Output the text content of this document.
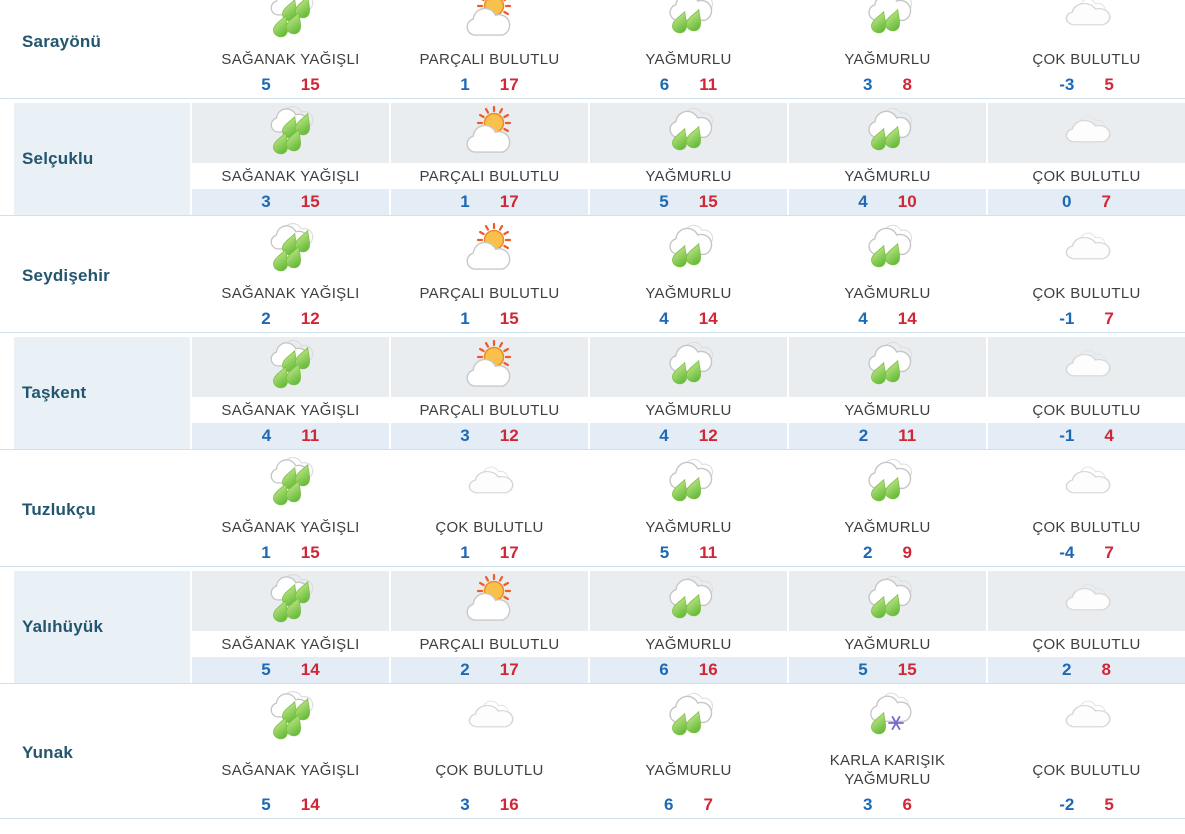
Sarayönü
SAĞANAK YAĞIŞLI
5 15
PARÇALI BULUTLU
1 17
YAĞMURLU
6 11
YAĞMURLU
3 8
ÇOK BULUTLU
-3 5
Selçuklu
SAĞANAK YAĞIŞLI
3 15
PARÇALI BULUTLU
1 17
YAĞMURLU
5 15
YAĞMURLU
4 10
ÇOK BULUTLU
0 7
Seydişehir
SAĞANAK YAĞIŞLI
2 12
PARÇALI BULUTLU
1 15
YAĞMURLU
4 14
YAĞMURLU
4 14
ÇOK BULUTLU
-1 7
Taşkent
SAĞANAK YAĞIŞLI
4 11
PARÇALI BULUTLU
3 12
YAĞMURLU
4 12
YAĞMURLU
2 11
ÇOK BULUTLU
-1 4
Tuzlukçu
SAĞANAK YAĞIŞLI
1 15
ÇOK BULUTLU
1 17
YAĞMURLU
5 11
YAĞMURLU
2 9
ÇOK BULUTLU
-4 7
Yalıhüyük
SAĞANAK YAĞIŞLI
5 14
PARÇALI BULUTLU
2 17
YAĞMURLU
6 16
YAĞMURLU
5 15
ÇOK BULUTLU
2 8
Yunak
SAĞANAK YAĞIŞLI
5 14
ÇOK BULUTLU
3 16
YAĞMURLU
6 7
KARLA KARIŞIK YAĞMURLU
3 6
ÇOK BULUTLU
-2 5
